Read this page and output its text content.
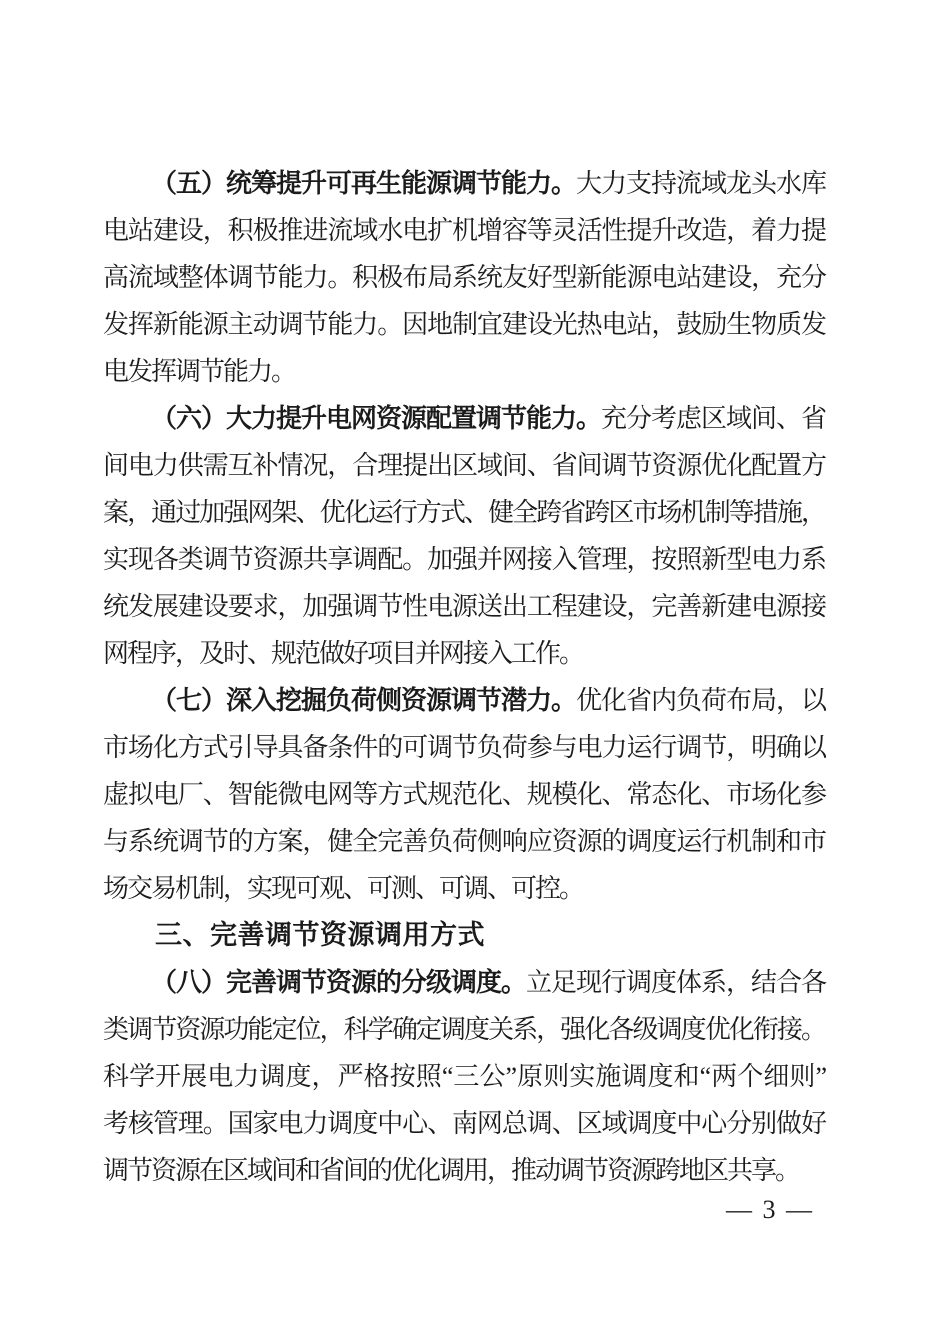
（五）统筹提升可再生能源调节能力。大力支持流域龙头水库
电站建设，积极推进流域水电扩机增容等灵活性提升改造，着力提
高流域整体调节能力。积极布局系统友好型新能源电站建设，充分
发挥新能源主动调节能力。因地制宜建设光热电站，鼓励生物质发
电发挥调节能力。
（六）大力提升电网资源配置调节能力。充分考虑区域间、省
间电力供需互补情况，合理提出区域间、省间调节资源优化配置方
案，通过加强网架、优化运行方式、健全跨省跨区市场机制等措施，
实现各类调节资源共享调配。加强并网接入管理，按照新型电力系
统发展建设要求，加强调节性电源送出工程建设，完善新建电源接
网程序，及时、规范做好项目并网接入工作。
（七）深入挖掘负荷侧资源调节潜力。优化省内负荷布局，以
市场化方式引导具备条件的可调节负荷参与电力运行调节，明确以
虚拟电厂、智能微电网等方式规范化、规模化、常态化、市场化参
与系统调节的方案，健全完善负荷侧响应资源的调度运行机制和市
场交易机制，实现可观、可测、可调、可控。
三、完善调节资源调用方式
（八）完善调节资源的分级调度。立足现行调度体系，结合各
类调节资源功能定位，科学确定调度关系，强化各级调度优化衔接。
科学开展电力调度，严格按照“三公”原则实施调度和“两个细则”
考核管理。国家电力调度中心、南网总调、区域调度中心分别做好
调节资源在区域间和省间的优化调用，推动调节资源跨地区共享。
— 3 —
